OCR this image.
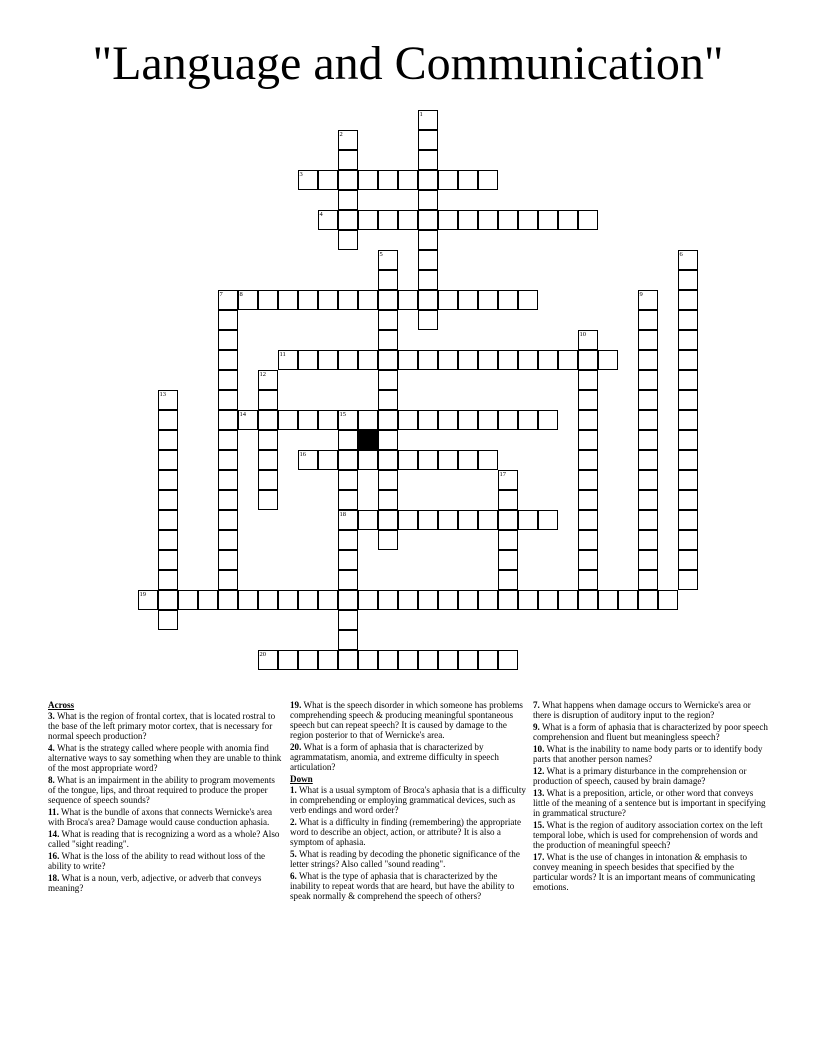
"Language and Communication"
1
2
3
4
5	6
7	8	9
10
11
12
13
14	15
16
17
18
19
20
Across
3. What is the region of frontal cortex, that is located rostral to the base of the left primary motor cortex, that is necessary for normal speech production?
4. What is the strategy called where people with anomia find alternative ways to say something when they are unable to think of the most appropriate word?
8. What is an impairment in the ability to program movements of the tongue, lips, and throat required to produce the proper sequence of speech sounds?
11. What is the bundle of axons that connects Wernicke's area with Broca's area? Damage would cause conduction aphasia.
14. What is reading that is recognizing a word as a whole? Also called "sight reading".
16. What is the loss of the ability to read without loss of the ability to write?
18. What is a noun, verb, adjective, or adverb that conveys meaning?
19. What is the speech disorder in which someone has problems comprehending speech & producing meaningful spontaneous speech but can repeat speech? It is caused by damage to the region posterior to that of Wernicke's area.
20. What is a form of aphasia that is characterized by agrammatatism, anomia, and extreme difficulty in speech articulation?
Down
1. What is a usual symptom of Broca's aphasia that is a difficulty in comprehending or employing grammatical devices, such as verb endings and word order?
2. What is a difficulty in finding (remembering) the appropriate word to describe an object, action, or attribute? It is also a symptom of aphasia.
5. What is reading by decoding the phonetic significance of the letter strings? Also called "sound reading".
6. What is the type of aphasia that is characterized by the inability to repeat words that are heard, but have the ability to speak normally & comprehend the speech of others?
7. What happens when damage occurs to Wernicke's area or there is disruption of auditory input to the region?
9. What is a form of aphasia that is characterized by poor speech comprehension and fluent but meaningless speech?
10. What is the inability to name body parts or to identify body parts that another person names?
12. What is a primary disturbance in the comprehension or production of speech, caused by brain damage?
13. What is a preposition, article, or other word that conveys little of the meaning of a sentence but is important in specifying in grammatical structure?
15. What is the region of auditory association cortex on the left temporal lobe, which is used for comprehension of words and the production of meaningful speech?
17. What is the use of changes in intonation & emphasis to convey meaning in speech besides that specified by the particular words? It is an important means of communicating emotions.
